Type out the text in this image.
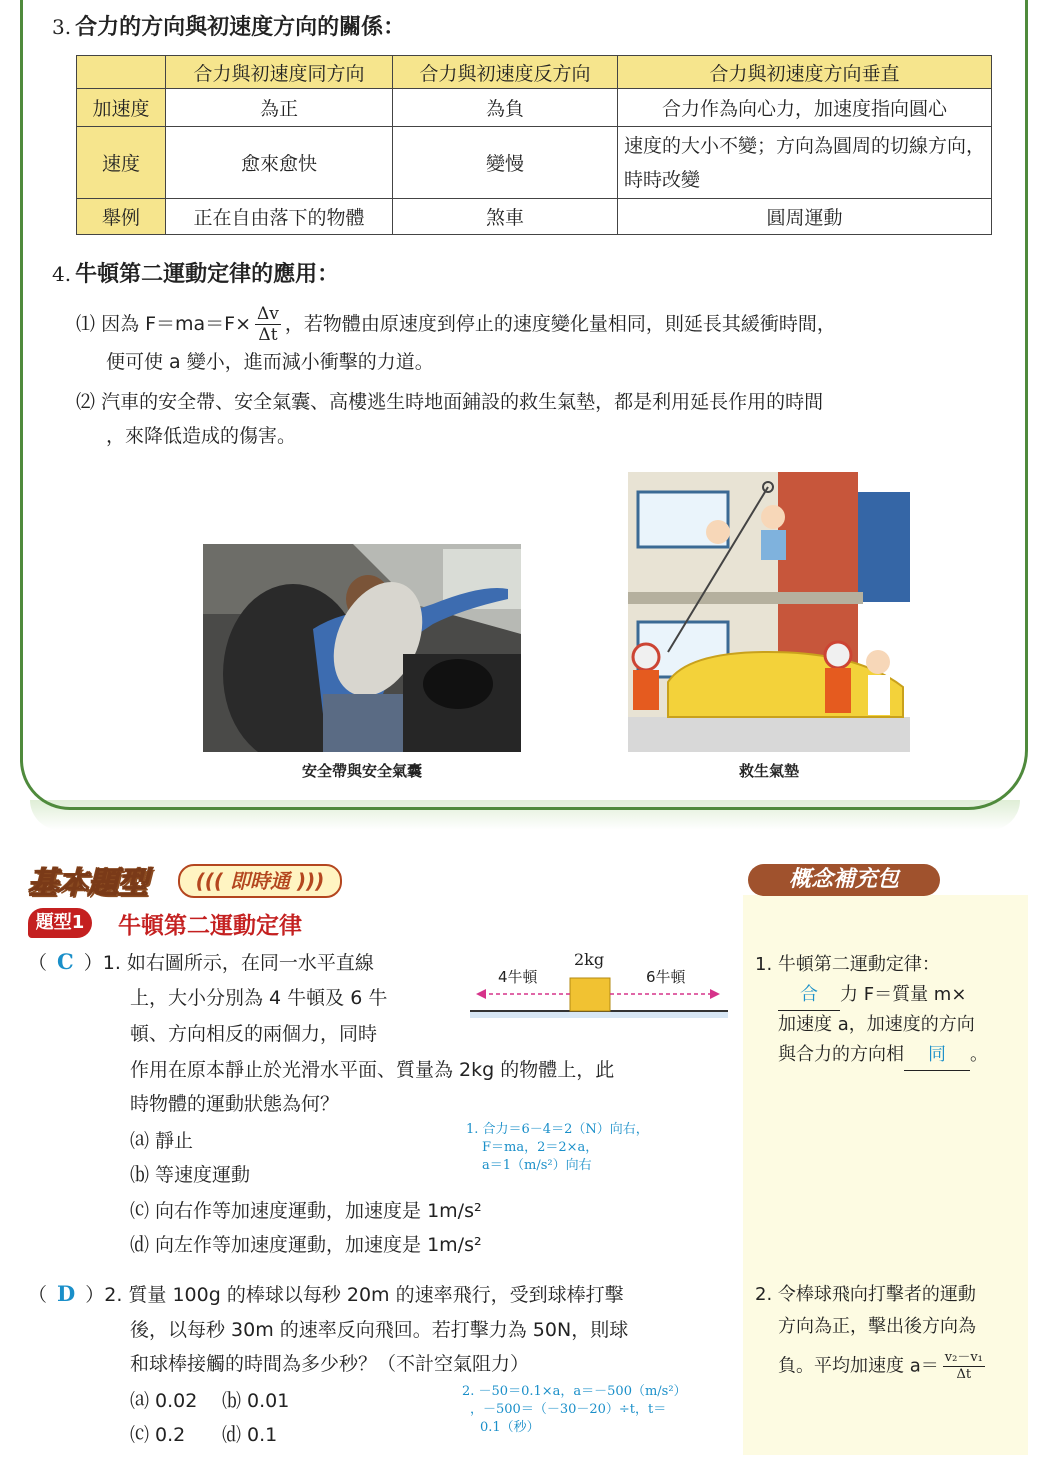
3. 合力的方向與初速度方向的關係：
	合力與初速度同方向	合力與初速度反方向	合力與初速度方向垂直
加速度	為正	為負	合力作為向心力，加速度指向圓心
速度	愈來愈快	變慢	速度的大小不變；方向為圓周的切線方向，時時改變
舉例	正在自由落下的物體	煞車	圓周運動
4. 牛頓第二運動定律的應用：
⑴ 因為 $F=ma=F\times \frac{\Delta v}{\Delta t}$ ，若物體由原速度到停止的速度變化量相同，則延長其緩衝時間，
便可使 a 變小，進而減小衝擊的力道。
⑵ 汽車的安全帶、安全氣囊、高樓逃生時地面鋪設的救生氣墊，都是利用延長作用的時間
，來降低造成的傷害。
安全帶與安全氣囊	救生氣墊
基本題型	((( 即時通 )))	概念補充包
題型1	牛頓第二運動定律
（ C ）1. 如右圖所示，在同一水平直線
上，大小分別為 4 牛頓及 6 牛
頓、方向相反的兩個力，同時
作用在原本靜止於光滑水平面、質量為 2kg 的物體上，此
時物體的運動狀態為何？
4牛頓
2kg
6牛頓
⒜ 靜止
⒝ 等速度運動
⒞ 向右作等加速度運動，加速度是 1m/s²
⒟ 向左作等加速度運動，加速度是 1m/s²
1. 合力＝6－4＝2（N）向右，
F＝ma，2＝2×a，
a＝1（m/s²）向右
（ D ）2. 質量 100g 的棒球以每秒 20m 的速率飛行，受到球棒打擊
後，以每秒 30m 的速率反向飛回。若打擊力為 50N，則球
和球棒接觸的時間為多少秒？（不計空氣阻力）
⒜ 0.02 ⒝ 0.01
⒞ 0.2 ⒟ 0.1
2. －50＝0.1×a，a＝－500（m/s²）
，－500＝（－30－20）÷t，t＝
0.1（秒）
1. 牛頓第二運動定律：
合 力 F＝質量 m×
加速度 a，加速度的方向
與合力的方向相 同 。
2. 令棒球飛向打擊者的運動
方向為正，擊出後方向為
負。平均加速度 $a= \frac{\text{v₂－v₁}}{\Delta t}$
